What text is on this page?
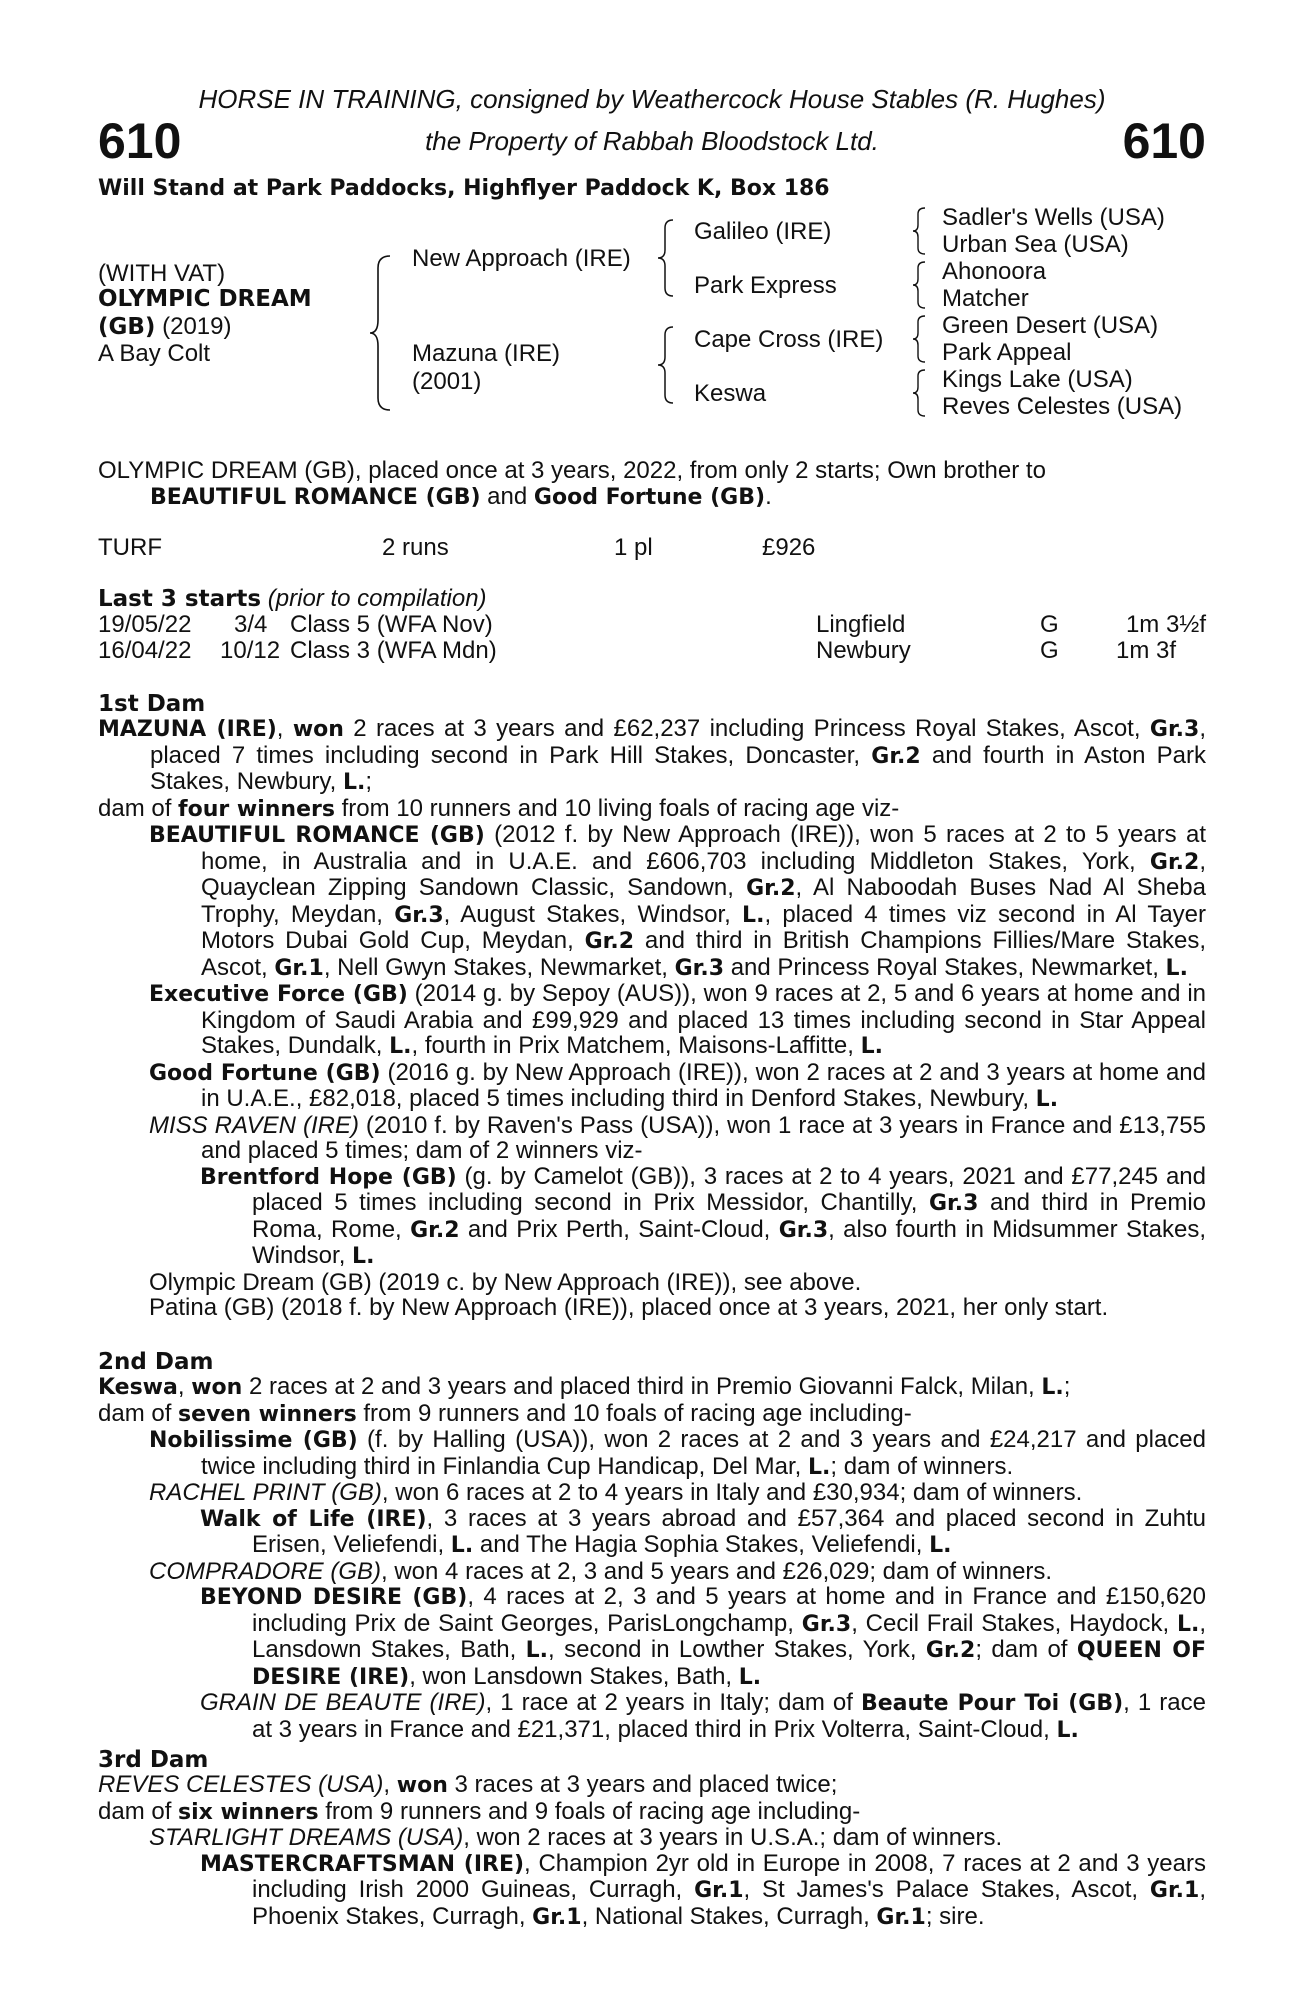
HORSE IN TRAINING, consigned by Weathercock House Stables (R. Hughes)
610	the Property of Rabbah Bloodstock Ltd.	610
Will Stand at Park Paddocks, Highflyer Paddock K, Box 186
(WITH VAT)
OLYMPIC DREAM
(GB) (2019)
A Bay Colt
New Approach (IRE)
Mazuna (IRE)
(2001)
Galileo (IRE)
Park Express
Cape Cross (IRE)
Keswa
Sadler's Wells (USA)
Urban Sea (USA)
Ahonoora
Matcher
Green Desert (USA)
Park Appeal
Kings Lake (USA)
Reves Celestes (USA)

OLYMPIC DREAM (GB), placed once at 3 years, 2022, from only 2 starts; Own brother to

BEAUTIFUL ROMANCE (GB) and Good Fortune (GB).

TURF	2 runs	1 pl	£926
Last 3 starts (prior to compilation)
19/05/22 3/4 Class 5 (WFA Nov)	Lingfield	G	1m 3½f
16/04/22 10/12 Class 3 (WFA Mdn)	Newbury	G 1m 3f
1st Dam

MAZUNA (IRE), won 2 races at 3 years and £62,237 including Princess Royal Stakes, Ascot, Gr.3, placed 7 times including second in Park Hill Stakes, Doncaster, Gr.2 and fourth in Aston Park Stakes, Newbury, L.;

dam of four winners from 10 runners and 10 living foals of racing age viz-

BEAUTIFUL ROMANCE (GB) (2012 f. by New Approach (IRE)), won 5 races at 2 to 5 years at home, in Australia and in U.A.E. and £606,703 including Middleton Stakes, York, Gr.2, Quayclean Zipping Sandown Classic, Sandown, Gr.2, Al Naboodah Buses Nad Al Sheba Trophy, Meydan, Gr.3, August Stakes, Windsor, L., placed 4 times viz second in Al Tayer Motors Dubai Gold Cup, Meydan, Gr.2 and third in British Champions Fillies/Mare Stakes, Ascot, Gr.1, Nell Gwyn Stakes, Newmarket, Gr.3 and Princess Royal Stakes, Newmarket, L.

Executive Force (GB) (2014 g. by Sepoy (AUS)), won 9 races at 2, 5 and 6 years at home and in Kingdom of Saudi Arabia and £99,929 and placed 13 times including second in Star Appeal Stakes, Dundalk, L., fourth in Prix Matchem, Maisons-Laffitte, L.

Good Fortune (GB) (2016 g. by New Approach (IRE)), won 2 races at 2 and 3 years at home and in U.A.E., £82,018, placed 5 times including third in Denford Stakes, Newbury, L.

MISS RAVEN (IRE) (2010 f. by Raven's Pass (USA)), won 1 race at 3 years in France and £13,755 and placed 5 times; dam of 2 winners viz-

Brentford Hope (GB) (g. by Camelot (GB)), 3 races at 2 to 4 years, 2021 and £77,245 and placed 5 times including second in Prix Messidor, Chantilly, Gr.3 and third in Premio Roma, Rome, Gr.2 and Prix Perth, Saint-Cloud, Gr.3, also fourth in Midsummer Stakes, Windsor, L.

Olympic Dream (GB) (2019 c. by New Approach (IRE)), see above.

Patina (GB) (2018 f. by New Approach (IRE)), placed once at 3 years, 2021, her only start.

2nd Dam

Keswa, won 2 races at 2 and 3 years and placed third in Premio Giovanni Falck, Milan, L.;

dam of seven winners from 9 runners and 10 foals of racing age including-

Nobilissime (GB) (f. by Halling (USA)), won 2 races at 2 and 3 years and £24,217 and placed twice including third in Finlandia Cup Handicap, Del Mar, L.; dam of winners.

RACHEL PRINT (GB), won 6 races at 2 to 4 years in Italy and £30,934; dam of winners.

Walk of Life (IRE), 3 races at 3 years abroad and £57,364 and placed second in Zuhtu Erisen, Veliefendi, L. and The Hagia Sophia Stakes, Veliefendi, L.

COMPRADORE (GB), won 4 races at 2, 3 and 5 years and £26,029; dam of winners.

BEYOND DESIRE (GB), 4 races at 2, 3 and 5 years at home and in France and £150,620 including Prix de Saint Georges, ParisLongchamp, Gr.3, Cecil Frail Stakes, Haydock, L., Lansdown Stakes, Bath, L., second in Lowther Stakes, York, Gr.2; dam of QUEEN OF DESIRE (IRE), won Lansdown Stakes, Bath, L.

GRAIN DE BEAUTE (IRE), 1 race at 2 years in Italy; dam of Beaute Pour Toi (GB), 1 race at 3 years in France and £21,371, placed third in Prix Volterra, Saint-Cloud, L.

3rd Dam

REVES CELESTES (USA), won 3 races at 3 years and placed twice;

dam of six winners from 9 runners and 9 foals of racing age including-

STARLIGHT DREAMS (USA), won 2 races at 3 years in U.S.A.; dam of winners.

MASTERCRAFTSMAN (IRE), Champion 2yr old in Europe in 2008, 7 races at 2 and 3 years including Irish 2000 Guineas, Curragh, Gr.1, St James's Palace Stakes, Ascot, Gr.1, Phoenix Stakes, Curragh, Gr.1, National Stakes, Curragh, Gr.1; sire.
